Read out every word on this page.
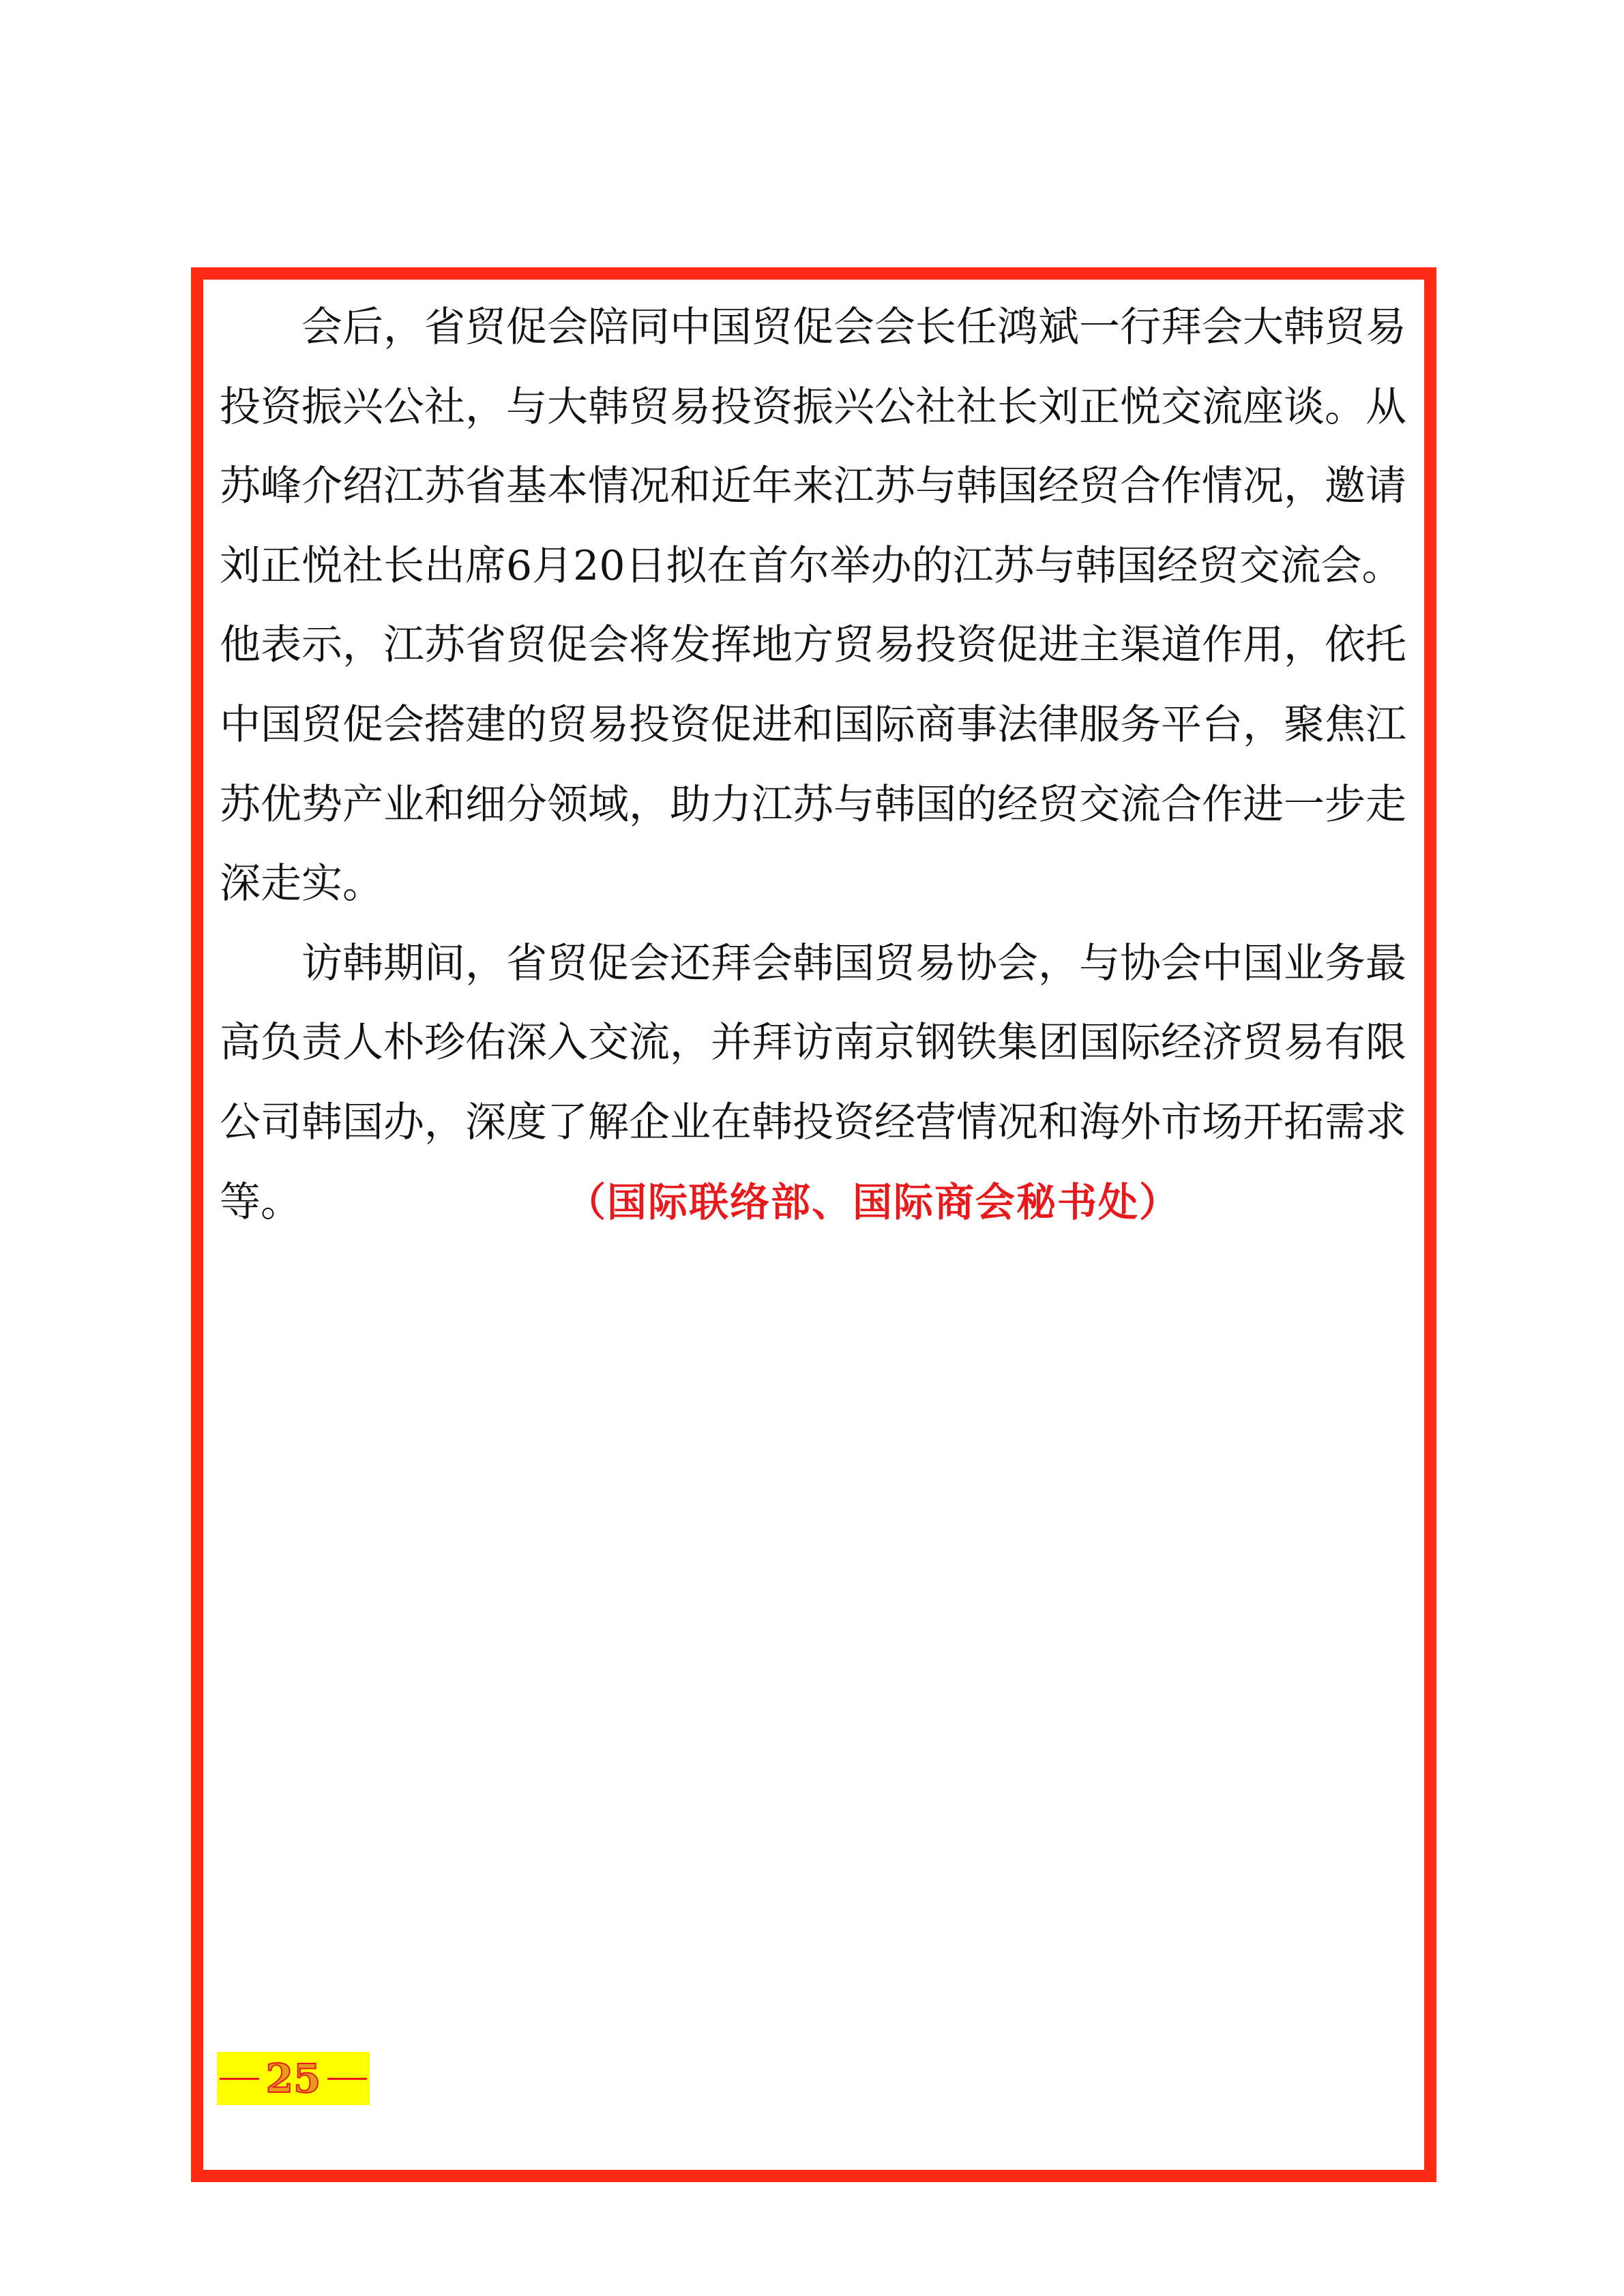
会后，省贸促会陪同中国贸促会会长任鸿斌一行拜会大韩贸易
投资振兴公社，与大韩贸易投资振兴公社社长刘正悦交流座谈。从
苏峰介绍江苏省基本情况和近年来江苏与韩国经贸合作情况，邀请
刘正悦社长出席6月20日拟在首尔举办的江苏与韩国经贸交流会。
他表示，江苏省贸促会将发挥地方贸易投资促进主渠道作用，依托
中国贸促会搭建的贸易投资促进和国际商事法律服务平台，聚焦江
苏优势产业和细分领域，助力江苏与韩国的经贸交流合作进一步走
深走实。
访韩期间，省贸促会还拜会韩国贸易协会，与协会中国业务最
高负责人朴珍佑深入交流，并拜访南京钢铁集团国际经济贸易有限
公司韩国办，深度了解企业在韩投资经营情况和海外市场开拓需求
等。	（国际联络部、国际商会秘书处）
25
